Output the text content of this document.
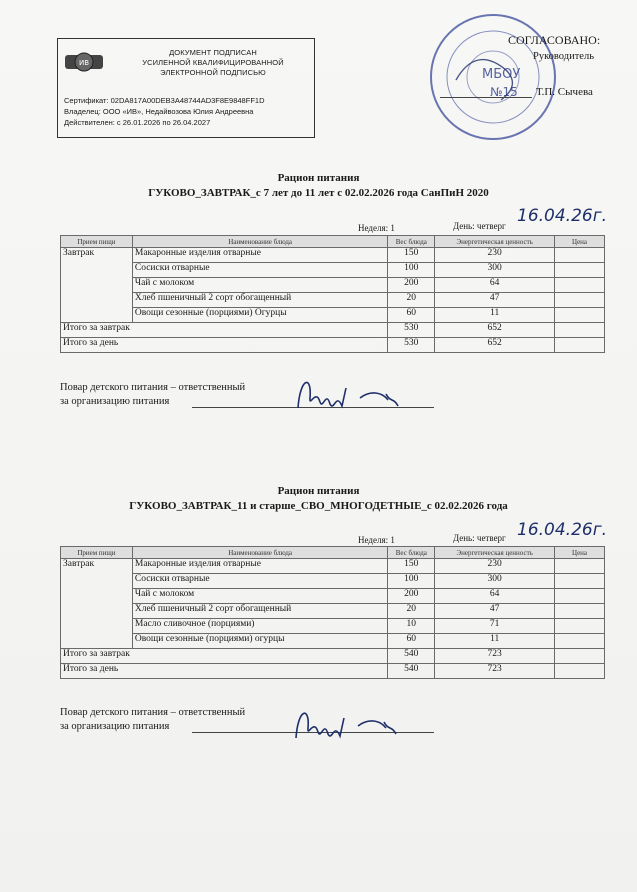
ИВ
ДОКУМЕНТ ПОДПИСАН
УСИЛЕННОЙ КВАЛИФИЦИРОВАННОЙ
ЭЛЕКТРОННОЙ ПОДПИСЬЮ
Сертификат: 02DA817A00DEB3A48744AD3F8E9848FF1D
Владелец: ООО «ИВ», Недайвозова Юлия Андреевна
Действителен: с 26.01.2026 по 26.04.2027
МБОУ
№15
СОГЛАСОВАНО:
Руководитель
Т.П. Сычева
Рацион питания
ГУКОВО_ЗАВТРАК_с 7 лет до 11 лет с 02.02.2026 года СанПиН 2020
Неделя: 1	День: четверг 16.04.26г.
Прием пищи	Наименование блюда	Вес блюда	Энергетическая ценность	Цена
Завтрак	Макаронные изделия отварные	150	230	
	Сосиски отварные	100	300	
	Чай с молоком	200	64	
	Хлеб пшеничный 2 сорт обогащенный	20	47	
	Овощи сезонные (порциями) Огурцы	60	11	
Итого за завтрак		530	652	
Итого за день		530	652	
Повар детского питания – ответственный
за организацию питания
Рацион питания
ГУКОВО_ЗАВТРАК_11 и старше_СВО_МНОГОДЕТНЫЕ_с 02.02.2026 года
Неделя: 1	День: четверг 16.04.26г.
Прием пищи	Наименование блюда	Вес блюда	Энергетическая ценность	Цена
Завтрак	Макаронные изделия отварные	150	230	
	Сосиски отварные	100	300	
	Чай с молоком	200	64	
	Хлеб пшеничный 2 сорт обогащенный	20	47	
	Масло сливочное (порциями)	10	71	
	Овощи сезонные (порциями) огурцы	60	11	
Итого за завтрак		540	723	
Итого за день		540	723	
Повар детского питания – ответственный
за организацию питания
